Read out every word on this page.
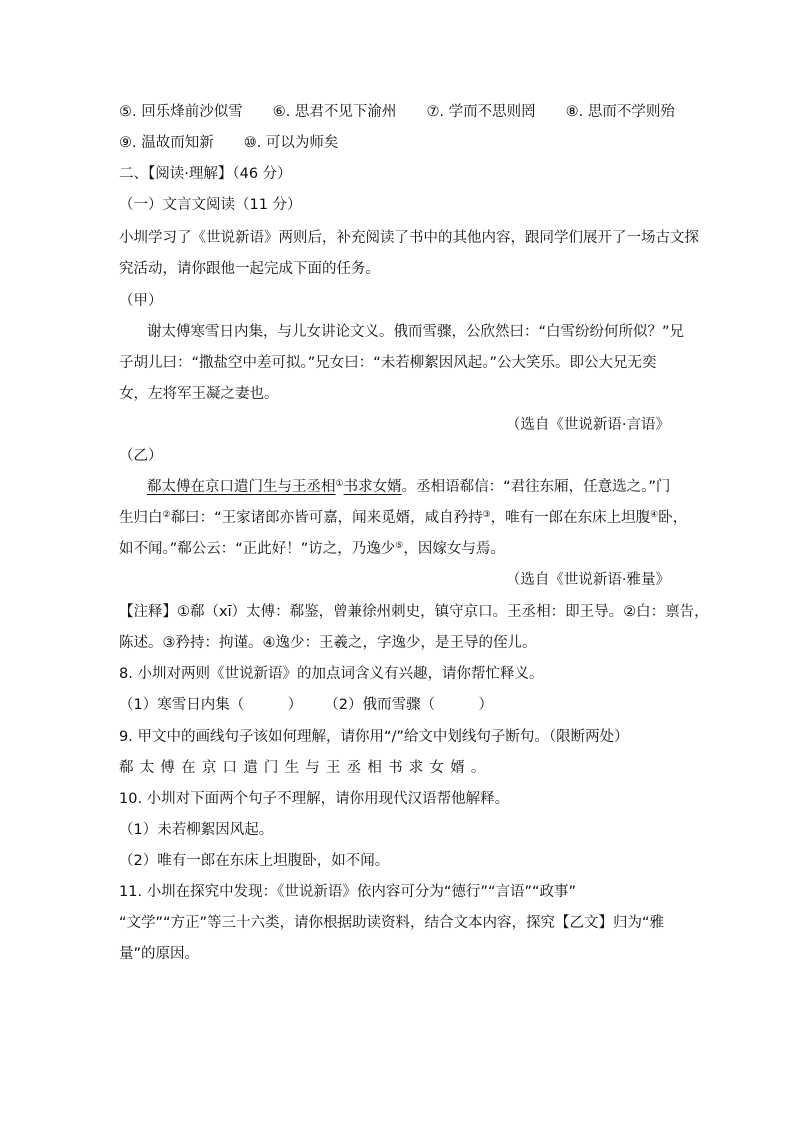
⑤. 回乐烽前沙似雪 ⑥. 思君不见下渝州 ⑦. 学而不思则罔 ⑧. 思而不学则殆
⑨. 温故而知新 ⑩. 可以为师矣
二、【阅读·理解】（46 分）
（一）文言文阅读（11 分）
小圳学习了《世说新语》两则后，补充阅读了书中的其他内容，跟同学们展开了一场古文探
究活动，请你跟他一起完成下面的任务。
（甲）
谢太傅寒雪日内集，与儿女讲论文义。俄而雪骤，公欣然曰：“白雪纷纷何所似？”兄
子胡儿曰：“撒盐空中差可拟。”兄女曰：“未若柳絮因风起。”公大笑乐。即公大兄无奕
女，左将军王凝之妻也。
（选自《世说新语·言语》
（乙）
郗太傅在京口遣门生与王丞相①书求女婿。丞相语郗信：“君往东厢，任意选之。”门
生归白②郗曰：“王家诸郎亦皆可嘉，闻来觅婿，咸自矜持③，唯有一郎在东床上坦腹④卧，
如不闻。”郗公云：“正此好！”访之，乃逸少⑤，因嫁女与焉。
（选自《世说新语·雅量》
【注释】①郗（xī）太傅：郗鉴，曾兼徐州刺史，镇守京口。王丞相：即王导。②白：禀告，
陈述。③矜持：拘谨。④逸少：王羲之，字逸少，是王导的侄儿。
8. 小圳对两则《世说新语》的加点词含义有兴趣，请你帮忙释义。
（1）寒雪日内集（　　　） （2）俄而雪骤（　　　）
9. 甲文中的画线句子该如何理解，请你用“/”给文中划线句子断句。（限断两处）
郗太傅在京口遣门生与王丞相书求女婿。
10. 小圳对下面两个句子不理解，请你用现代汉语帮他解释。
（1）未若柳絮因风起。
（2）唯有一郎在东床上坦腹卧，如不闻。
11. 小圳在探究中发现：《世说新语》依内容可分为“德行”“言语”“政事”
“文学”“方正”等三十六类，请你根据助读资料，结合文本内容，探究【乙文】归为“雅
量”的原因。
